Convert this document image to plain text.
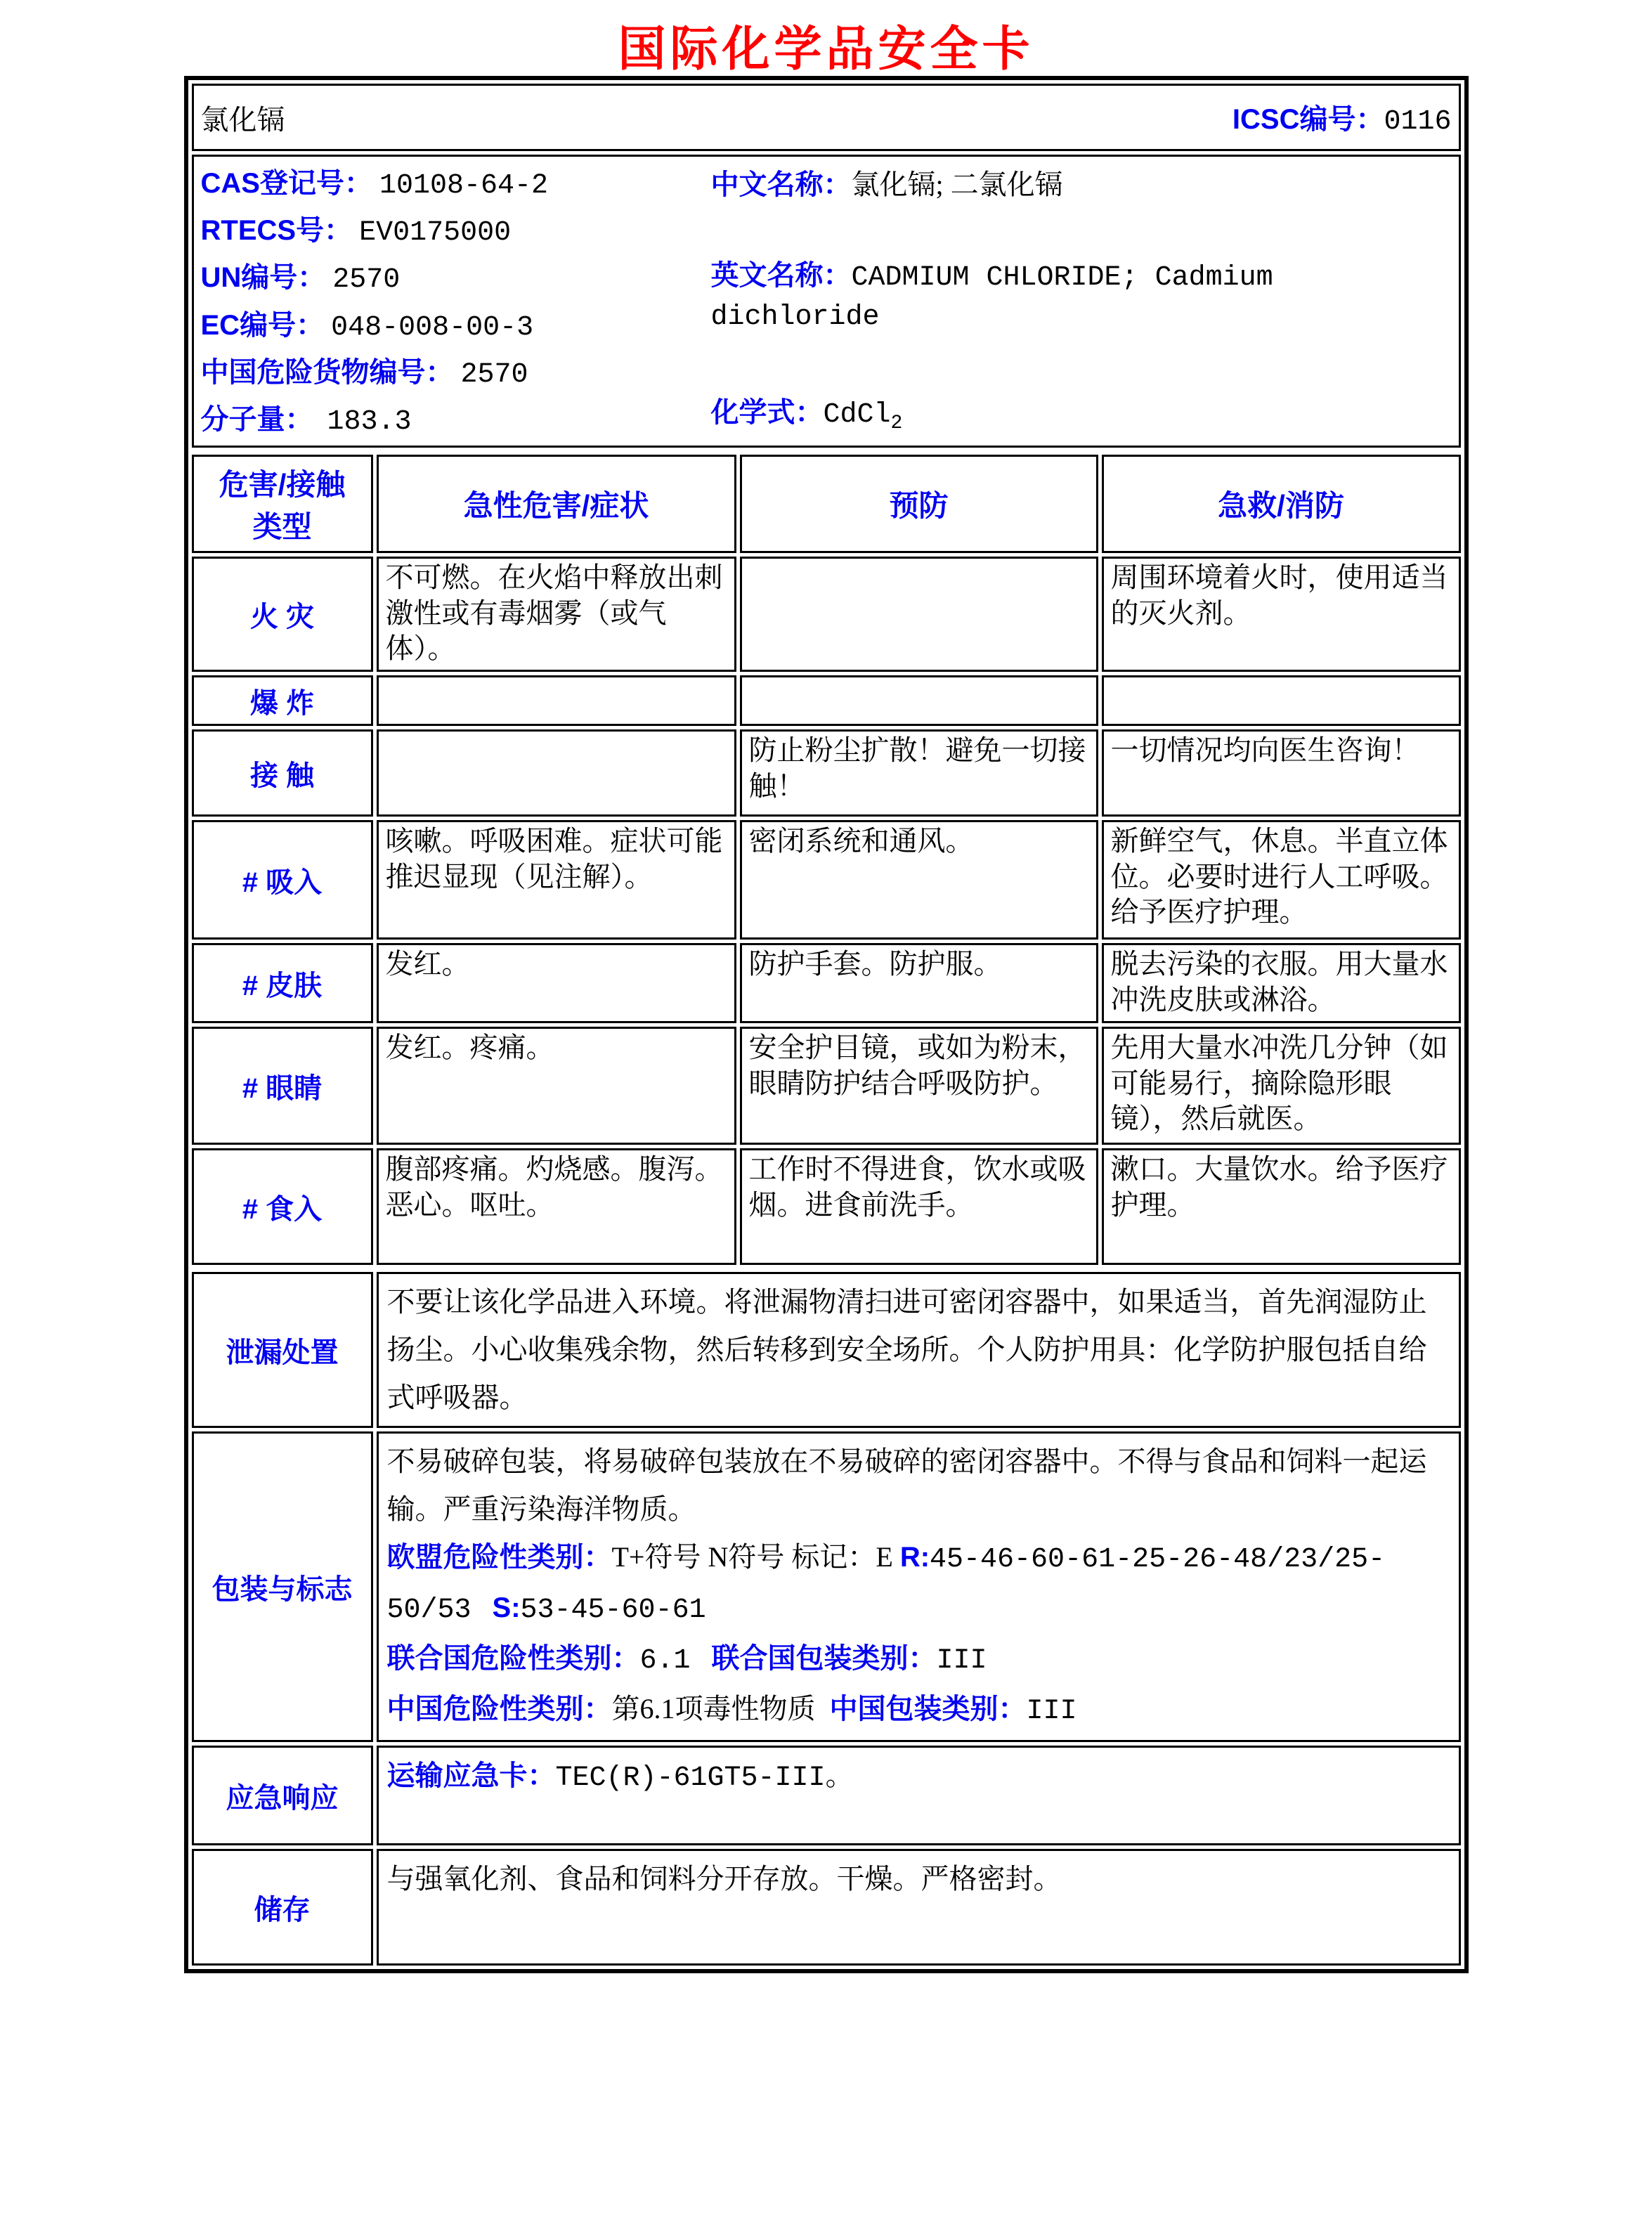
国际化学品安全卡
氯化镉	ICSC编号：0116

CAS登记号： 10108-64-2
RTECS号： EV0175000
UN编号： 2570
EC编号： 048-008-00-3
中国危险货物编号： 2570
分子量： 183.3
中文名称：氯化镉; 二氯化镉
英文名称：CADMIUM CHLORIDE; Cadmium dichloride
化学式：CdCl$_2$
危害/接触类型	急性危害/症状	预防	急救/消防
火 灾	不可燃。在火焰中释放出刺激性或有毒烟雾（或气体）。		周围环境着火时，使用适当的灭火剂。
爆 炸			
接 触		防止粉尘扩散！避免一切接触！	一切情况均向医生咨询！
# 吸入	咳嗽。呼吸困难。症状可能推迟显现（见注解）。	密闭系统和通风。	新鲜空气，休息。半直立体位。必要时进行人工呼吸。给予医疗护理。
# 皮肤	发红。	防护手套。防护服。	脱去污染的衣服。用大量水冲洗皮肤或淋浴。
# 眼睛	发红。疼痛。	安全护目镜，或如为粉末，眼睛防护结合呼吸防护。	先用大量水冲洗几分钟（如可能易行，摘除隐形眼镜），然后就医。
# 食入	腹部疼痛。灼烧感。腹泻。恶心。呕吐。	工作时不得进食，饮水或吸烟。进食前洗手。	漱口。大量饮水。给予医疗护理。
泄漏处置	不要让该化学品进入环境。将泄漏物清扫进可密闭容器中，如果适当，首先润湿防止扬尘。小心收集残余物，然后转移到安全场所。个人防护用具：化学防护服包括自给式呼吸器。
包装与标志	不易破碎包装，将易破碎包装放在不易破碎的密闭容器中。不得与食品和饲料一起运输。严重污染海洋物质。
欧盟危险性类别：T+符号 N符号 标记：E R:45-46-60-61-25-26-48/23/25-50/53 S:53-45-60-61
联合国危险性类别：6.1 联合国包装类别：III
中国危险性类别：第6.1项毒性物质 中国包装类别：III
应急响应	运输应急卡：TEC(R)-61GT5-III。
储存	与强氧化剂、食品和饲料分开存放。干燥。严格密封。
